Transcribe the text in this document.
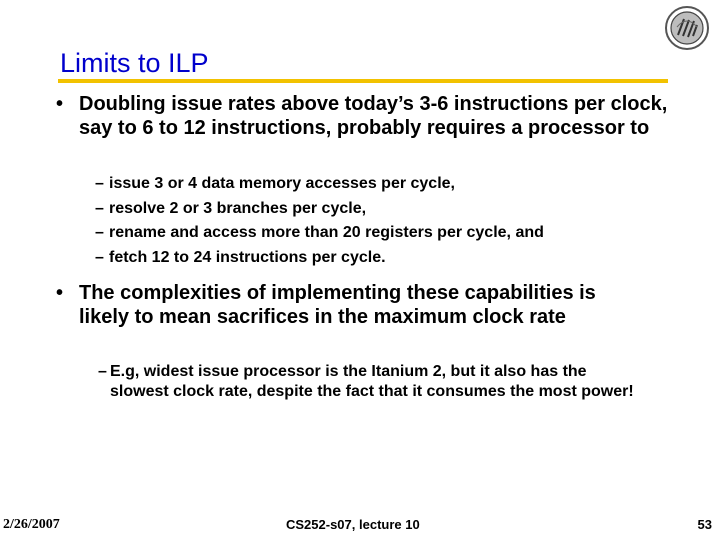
Limits to ILP
• Doubling issue rates above today’s 3-6 instructions per clock, say to 6 to 12 instructions, probably requires a processor to
– issue 3 or 4 data memory accesses per cycle,
– resolve 2 or 3 branches per cycle,
– rename and access more than 20 registers per cycle, and
– fetch 12 to 24 instructions per cycle.
• The complexities of implementing these capabilities is likely to mean sacrifices in the maximum clock rate
– E.g, widest issue processor is the Itanium 2, but it also has the slowest clock rate, despite the fact that it consumes the most power!
2/26/2007	CS252-s07, lecture 10	53
